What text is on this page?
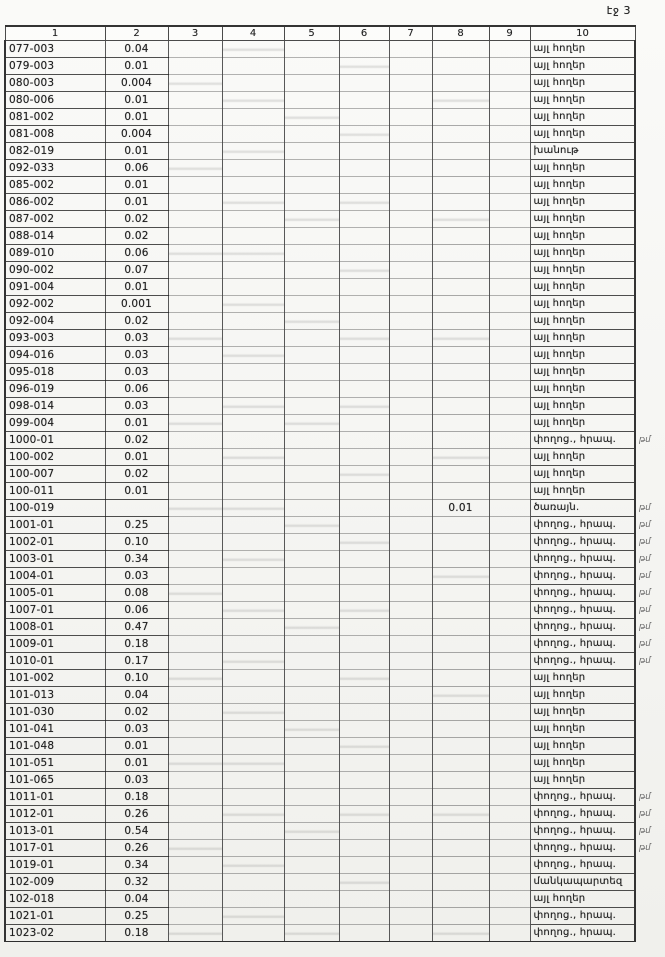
էջ 3
1	2	3	4	5	6	7	8	9	10	
077-003	0.04								այլ հողեր	
079-003	0.01								այլ հողեր	
080-003	0.004								այլ հողեր	
080-006	0.01								այլ հողեր	
081-002	0.01								այլ հողեր	
081-008	0.004								այլ հողեր	
082-019	0.01								խանութ	
092-033	0.06								այլ հողեր	
085-002	0.01								այլ հողեր	
086-002	0.01								այլ հողեր	
087-002	0.02								այլ հողեր	
088-014	0.02								այլ հողեր	
089-010	0.06								այլ հողեր	
090-002	0.07								այլ հողեր	
091-004	0.01								այլ հողեր	
092-002	0.001								այլ հողեր	
092-004	0.02								այլ հողեր	
093-003	0.03								այլ հողեր	
094-016	0.03								այլ հողեր	
095-018	0.03								այլ հողեր	
096-019	0.06								այլ հողեր	
098-014	0.03								այլ հողեր	
099-004	0.01								այլ հողեր	
1000-01	0.02								փողոց., հրապ.	թմ
100-002	0.01								այլ հողեր	
100-007	0.02								այլ հողեր	
100-011	0.01								այլ հողեր	
100-019							0.01		ծառայն.	թմ
1001-01	0.25								փողոց., հրապ.	թմ
1002-01	0.10								փողոց., հրապ.	թմ
1003-01	0.34								փողոց., հրապ.	թմ
1004-01	0.03								փողոց., հրապ.	թմ
1005-01	0.08								փողոց., հրապ.	թմ
1007-01	0.06								փողոց., հրապ.	թմ
1008-01	0.47								փողոց., հրապ.	թմ
1009-01	0.18								փողոց., հրապ.	թմ
1010-01	0.17								փողոց., հրապ.	թմ
101-002	0.10								այլ հողեր	
101-013	0.04								այլ հողեր	
101-030	0.02								այլ հողեր	
101-041	0.03								այլ հողեր	
101-048	0.01								այլ հողեր	
101-051	0.01								այլ հողեր	
101-065	0.03								այլ հողեր	
1011-01	0.18								փողոց., հրապ.	թմ
1012-01	0.26								փողոց., հրապ.	թմ
1013-01	0.54								փողոց., հրապ.	թմ
1017-01	0.26								փողոց., հրապ.	թմ
1019-01	0.34								փողոց., հրապ.	
102-009	0.32								մանկապարտեզ	
102-018	0.04								այլ հողեր	
1021-01	0.25								փողոց., հրապ.	
1023-02	0.18								փողոց., հրապ.	
